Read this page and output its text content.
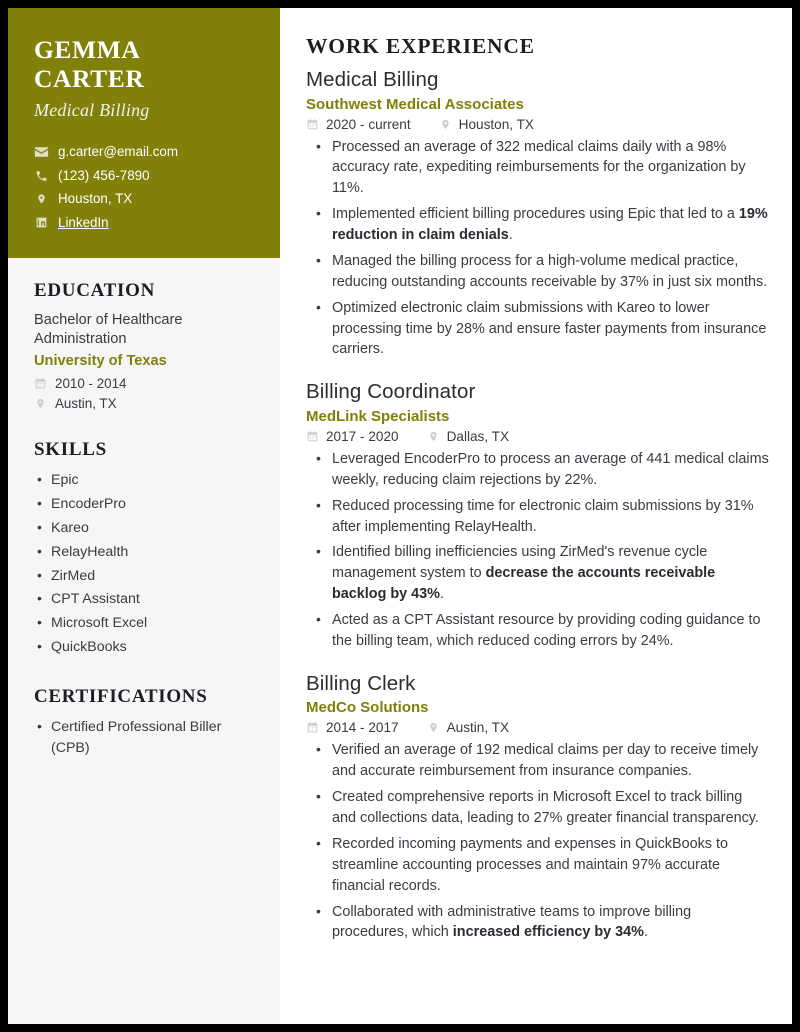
GEMMA CARTER
Medical Billing
g.carter@email.com
(123) 456-7890
Houston, TX
LinkedIn
EDUCATION
Bachelor of Healthcare Administration
University of Texas
2010 - 2014
Austin, TX
SKILLS
• Epic
• EncoderPro
• Kareo
• RelayHealth
• ZirMed
• CPT Assistant
• Microsoft Excel
• QuickBooks
CERTIFICATIONS
• Certified Professional Biller (CPB)
WORK EXPERIENCE
Medical Billing
Southwest Medical Associates
2020 - current	Houston, TX
• Processed an average of 322 medical claims daily with a 98% accuracy rate, expediting reimbursements for the organization by 11%.
• Implemented efficient billing procedures using Epic that led to a 19% reduction in claim denials.
• Managed the billing process for a high-volume medical practice, reducing outstanding accounts receivable by 37% in just six months.
• Optimized electronic claim submissions with Kareo to lower processing time by 28% and ensure faster payments from insurance carriers.
Billing Coordinator
MedLink Specialists
2017 - 2020	Dallas, TX
• Leveraged EncoderPro to process an average of 441 medical claims weekly, reducing claim rejections by 22%.
• Reduced processing time for electronic claim submissions by 31% after implementing RelayHealth.
• Identified billing inefficiencies using ZirMed's revenue cycle management system to decrease the accounts receivable backlog by 43%.
• Acted as a CPT Assistant resource by providing coding guidance to the billing team, which reduced coding errors by 24%.
Billing Clerk
MedCo Solutions
2014 - 2017	Austin, TX
• Verified an average of 192 medical claims per day to receive timely and accurate reimbursement from insurance companies.
• Created comprehensive reports in Microsoft Excel to track billing and collections data, leading to 27% greater financial transparency.
• Recorded incoming payments and expenses in QuickBooks to streamline accounting processes and maintain 97% accurate financial records.
• Collaborated with administrative teams to improve billing procedures, which increased efficiency by 34%.
